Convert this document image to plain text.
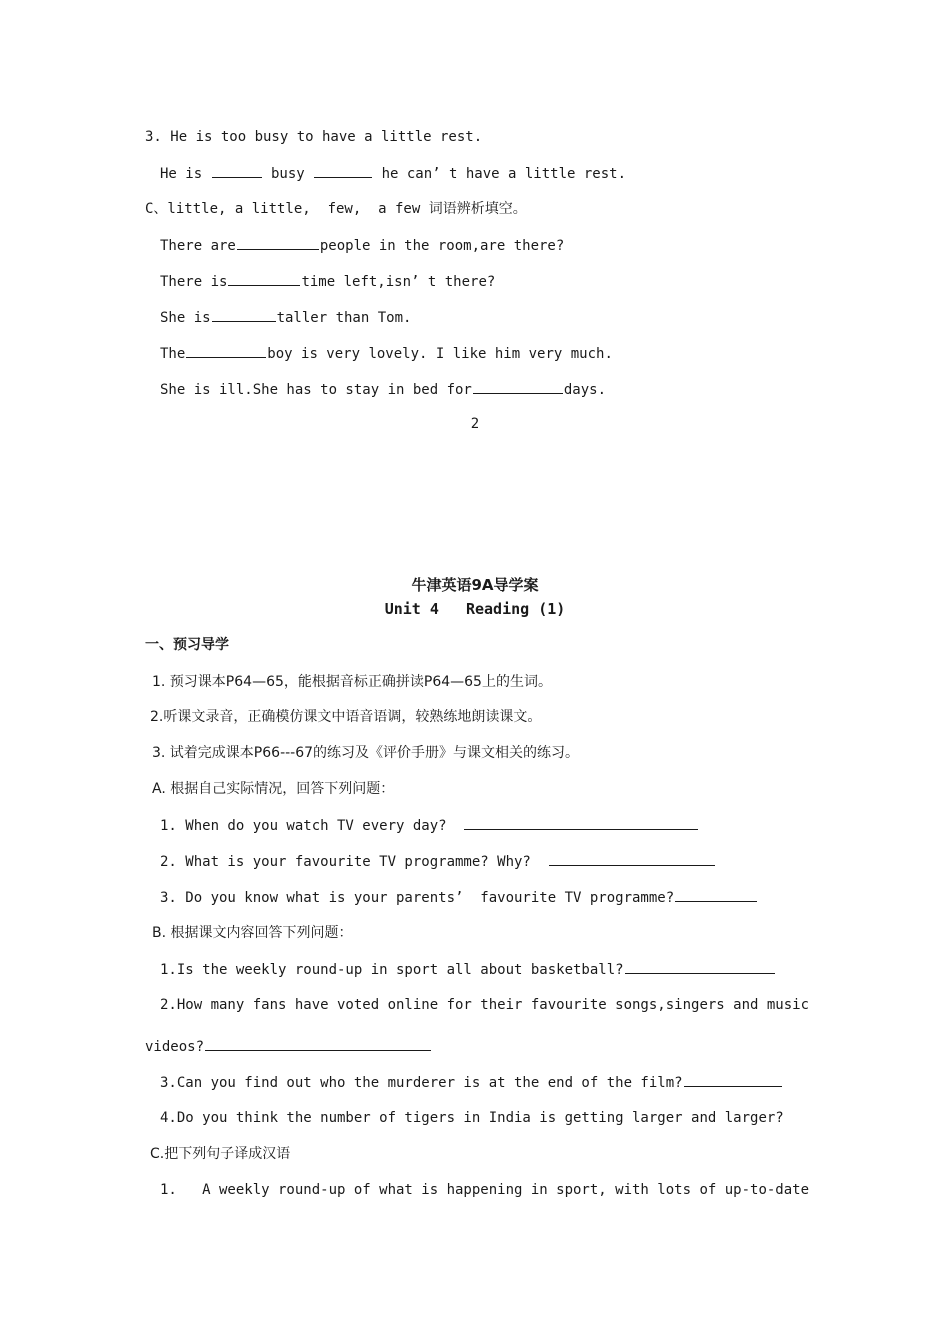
3. He is too busy to have a little rest.
He is	busy	he can’ t have a little rest.
C、little, a little,  few,  a few 词语辨析填空。
There are	people in the room,are there?
There is	time left,isn’ t there?
She is	taller than Tom.
The	boy is very lovely. I like him very much.
She is ill.She has to stay in bed for	days.
2
牛津英语9A导学案
Unit 4   Reading (1)
一、预习导学
1. 预习课本P64—65，能根据音标正确拼读P64—65上的生词。
2.听课文录音，正确模仿课文中语音语调，较熟练地朗读课文。
3. 试着完成课本P66---67的练习及《评价手册》与课文相关的练习。
A. 根据自己实际情况，回答下列问题：
1. When do you watch TV every day?
2. What is your favourite TV programme? Why?
3. Do you know what is your parents’  favourite TV programme?
B. 根据课文内容回答下列问题：
1.Is the weekly round-up in sport all about basketball?
2.How many fans have voted online for their favourite songs,singers and music
videos?
3.Can you find out who the murderer is at the end of the film?
4.Do you think the number of tigers in India is getting larger and larger?
C.把下列句子译成汉语
1.   A weekly round-up of what is happening in sport, with lots of up-to-date
